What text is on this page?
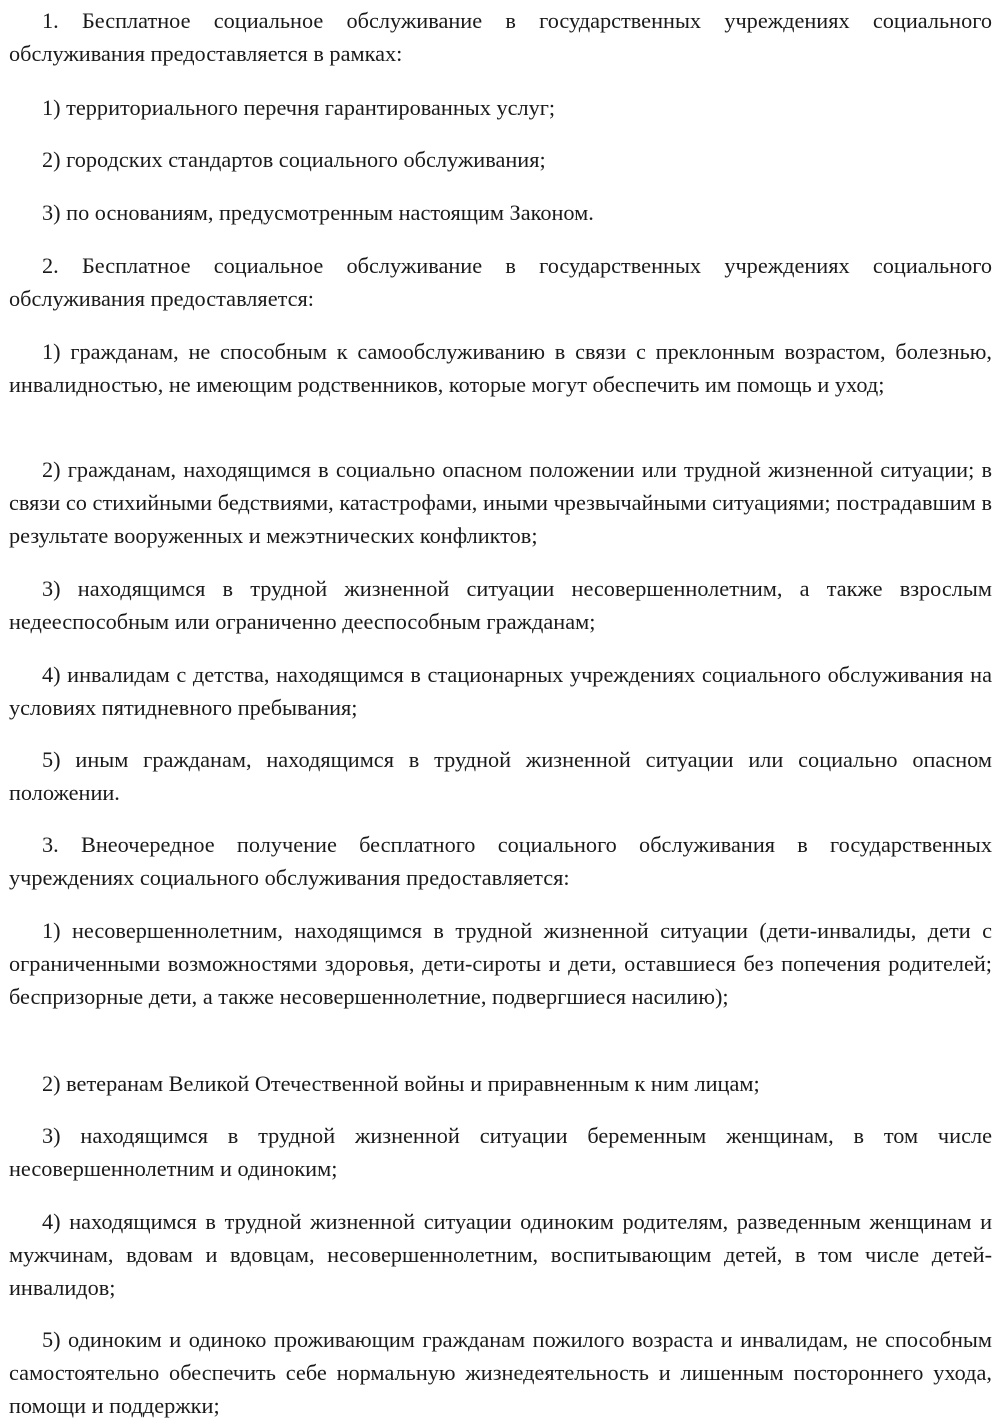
1. Бесплатное социальное обслуживание в государственных учреждениях социального обслуживания предоставляется в рамках:

1) территориального перечня гарантированных услуг;

2) городских стандартов социального обслуживания;

3) по основаниям, предусмотренным настоящим Законом.

2. Бесплатное социальное обслуживание в государственных учреждениях социального обслуживания предоставляется:

1) гражданам, не способным к самообслуживанию в связи с преклонным возрастом, болезнью, инвалидностью, не имеющим родственников, которые могут обеспечить им помощь и уход;

2) гражданам, находящимся в социально опасном положении или трудной жизненной ситуации; в связи со стихийными бедствиями, катастрофами, иными чрезвычайными ситуациями; пострадавшим в результате вооруженных и межэтнических конфликтов;

3) находящимся в трудной жизненной ситуации несовершеннолетним, а также взрослым недееспособным или ограниченно дееспособным гражданам;

4) инвалидам с детства, находящимся в стационарных учреждениях социального обслуживания на условиях пятидневного пребывания;

5) иным гражданам, находящимся в трудной жизненной ситуации или социально опасном положении.

3. Внеочередное получение бесплатного социального обслуживания в государственных учреждениях социального обслуживания предоставляется:

1) несовершеннолетним, находящимся в трудной жизненной ситуации (дети-инвалиды, дети с ограниченными возможностями здоровья, дети-сироты и дети, оставшиеся без попечения родителей; беспризорные дети, а также несовершеннолетние, подвергшиеся насилию);

2) ветеранам Великой Отечественной войны и приравненным к ним лицам;

3) находящимся в трудной жизненной ситуации беременным женщинам, в том числе несовершеннолетним и одиноким;

4) находящимся в трудной жизненной ситуации одиноким родителям, разведенным женщинам и мужчинам, вдовам и вдовцам, несовершеннолетним, воспитывающим детей, в том числе детей-инвалидов;

5) одиноким и одиноко проживающим гражданам пожилого возраста и инвалидам, не способным самостоятельно обеспечить себе нормальную жизнедеятельность и лишенным постороннего ухода, помощи и поддержки;
